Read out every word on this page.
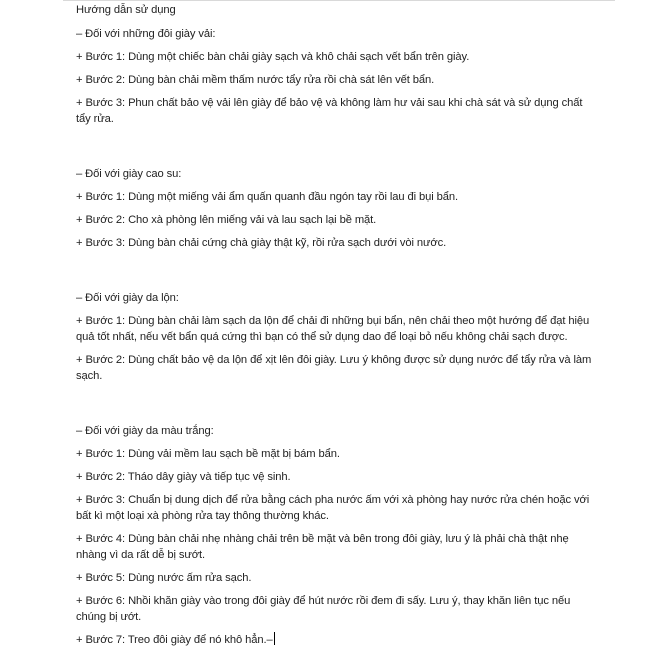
Hướng dẫn sử dụng

– Đối với những đôi giày vải:

+ Bước 1: Dùng một chiếc bàn chải giày sạch và khô chải sạch vết bẩn trên giày.

+ Bước 2: Dùng bàn chải mềm thấm nước tẩy rửa rồi chà sát lên vết bẩn.

+ Bước 3: Phun chất bảo vệ vải lên giày để bảo vệ và không làm hư vải sau khi chà sát và sử dụng chất tẩy rửa.

– Đối với giày cao su:

+ Bước 1: Dùng một miếng vải ẩm quấn quanh đầu ngón tay rồi lau đi bụi bẩn.

+ Bước 2: Cho xà phòng lên miếng vải và lau sạch lại bề mặt.

+ Bước 3: Dùng bàn chải cứng chà giày thật kỹ, rồi rửa sạch dưới vòi nước.

– Đối với giày da lộn:

+ Bước 1: Dùng bàn chải làm sạch da lộn để chải đi những bụi bẩn, nên chải theo một hướng để đạt hiệu quả tốt nhất, nếu vết bẩn quá cứng thì bạn có thể sử dụng dao để loại bỏ nếu không chải sạch được.

+ Bước 2: Dùng chất bảo vệ da lộn để xịt lên đôi giày. Lưu ý không được sử dụng nước để tẩy rửa và làm sạch.

– Đối với giày da màu trắng:

+ Bước 1: Dùng vải mềm lau sạch bề mặt bị bám bẩn.

+ Bước 2: Tháo dây giày và tiếp tục vệ sinh.

+ Bước 3: Chuẩn bị dung dịch để rửa bằng cách pha nước ấm với xà phòng hay nước rửa chén hoặc với bất kì một loại xà phòng rửa tay thông thường khác.

+ Bước 4: Dùng bàn chải nhẹ nhàng chải trên bề mặt và bên trong đôi giày, lưu ý là phải chà thật nhẹ nhàng vì da rất dễ bị sướt.

+ Bước 5: Dùng nước ấm rửa sạch.

+ Bước 6: Nhồi khăn giày vào trong đôi giày để hút nước rồi đem đi sấy. Lưu ý, thay khăn liên tục nếu chúng bị ướt.

+ Bước 7: Treo đôi giày để nó khô hẳn.–
